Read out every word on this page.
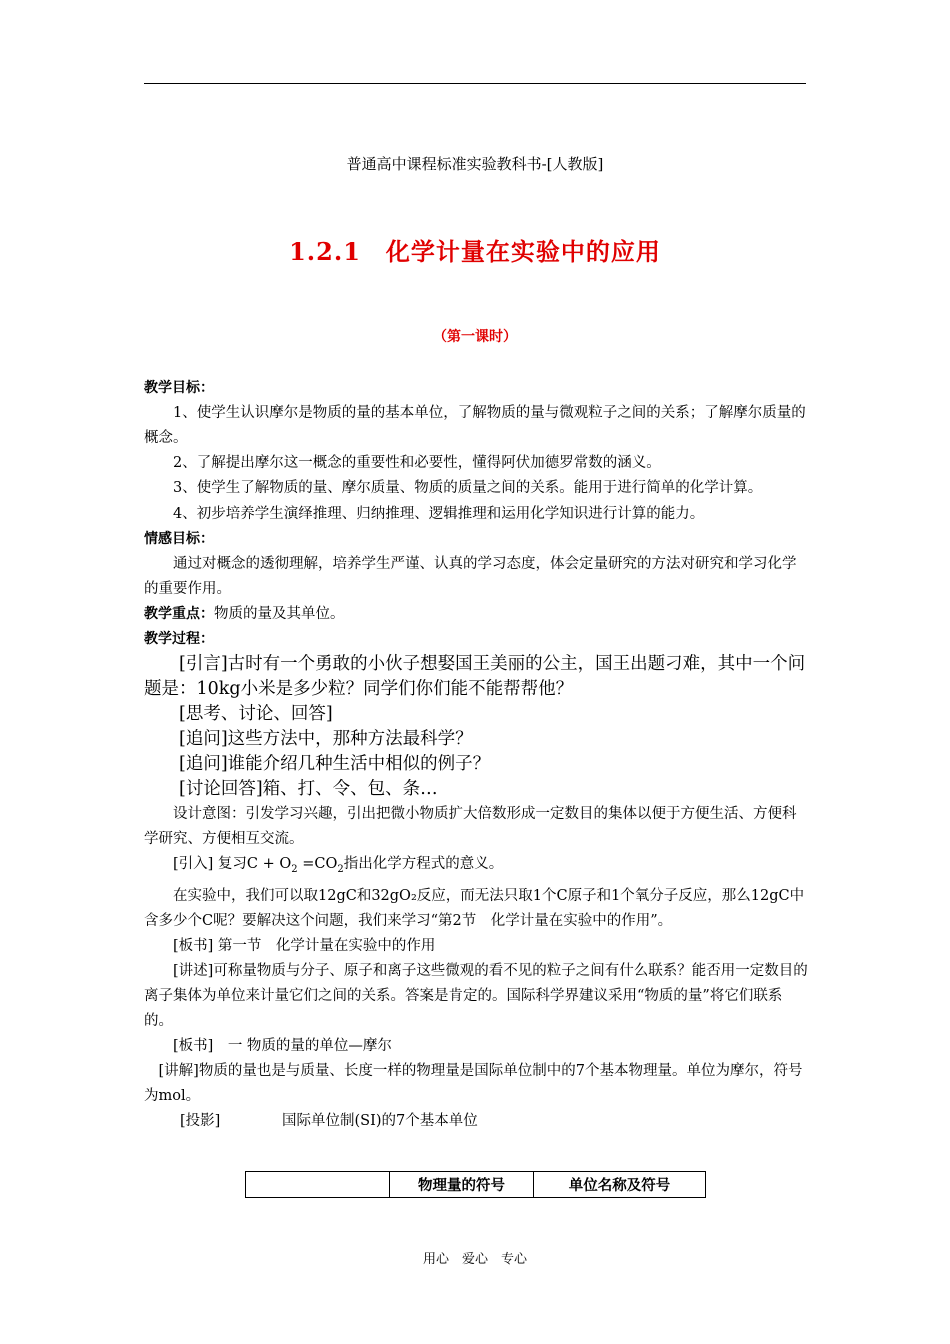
普通高中课程标准实验教科书-[人教版]
1.2.1　化学计量在实验中的应用
（第一课时）

教学目标：

1、使学生认识摩尔是物质的量的基本单位，了解物质的量与微观粒子之间的关系；了解摩尔质量的概念。

2、了解提出摩尔这一概念的重要性和必要性，懂得阿伏加德罗常数的涵义。

3、使学生了解物质的量、摩尔质量、物质的质量之间的关系。能用于进行简单的化学计算。

4、初步培养学生演绎推理、归纳推理、逻辑推理和运用化学知识进行计算的能力。

情感目标：

通过对概念的透彻理解，培养学生严谨、认真的学习态度，体会定量研究的方法对研究和学习化学的重要作用。

教学重点：物质的量及其单位。

教学过程：

[引言]古时有一个勇敢的小伙子想娶国王美丽的公主，国王出题刁难，其中一个问题是：10kg小米是多少粒？同学们你们能不能帮帮他？

[思考、讨论、回答]

[追问]这些方法中，那种方法最科学？

[追问]谁能介绍几种生活中相似的例子？

[讨论回答]箱、打、令、包、条…

设计意图：引发学习兴趣，引出把微小物质扩大倍数形成一定数目的集体以便于方便生活、方便科学研究、方便相互交流。

[引入] 复习$C + O_2 =CO_2$指出化学方程式的意义。

在实验中，我们可以取12gC和32gO₂反应，而无法只取1个C原子和1个氧分子反应，那么12gC中含多少个C呢？要解决这个问题，我们来学习“第2节　化学计量在实验中的作用”。

[板书] 第一节　化学计量在实验中的作用

[讲述]可称量物质与分子、原子和离子这些微观的看不见的粒子之间有什么联系？能否用一定数目的离子集体为单位来计量它们之间的关系。答案是肯定的。国际科学界建议采用“物质的量”将它们联系的。

[板书]　一 物质的量的单位—摩尔

[讲解]物质的量也是与质量、长度一样的物理量是国际单位制中的7个基本物理量。单位为摩尔，符号为mol。

[投影]	国际单位制(SI)的7个基本单位

	物理量的符号	单位名称及符号
用心　爱心　专心
